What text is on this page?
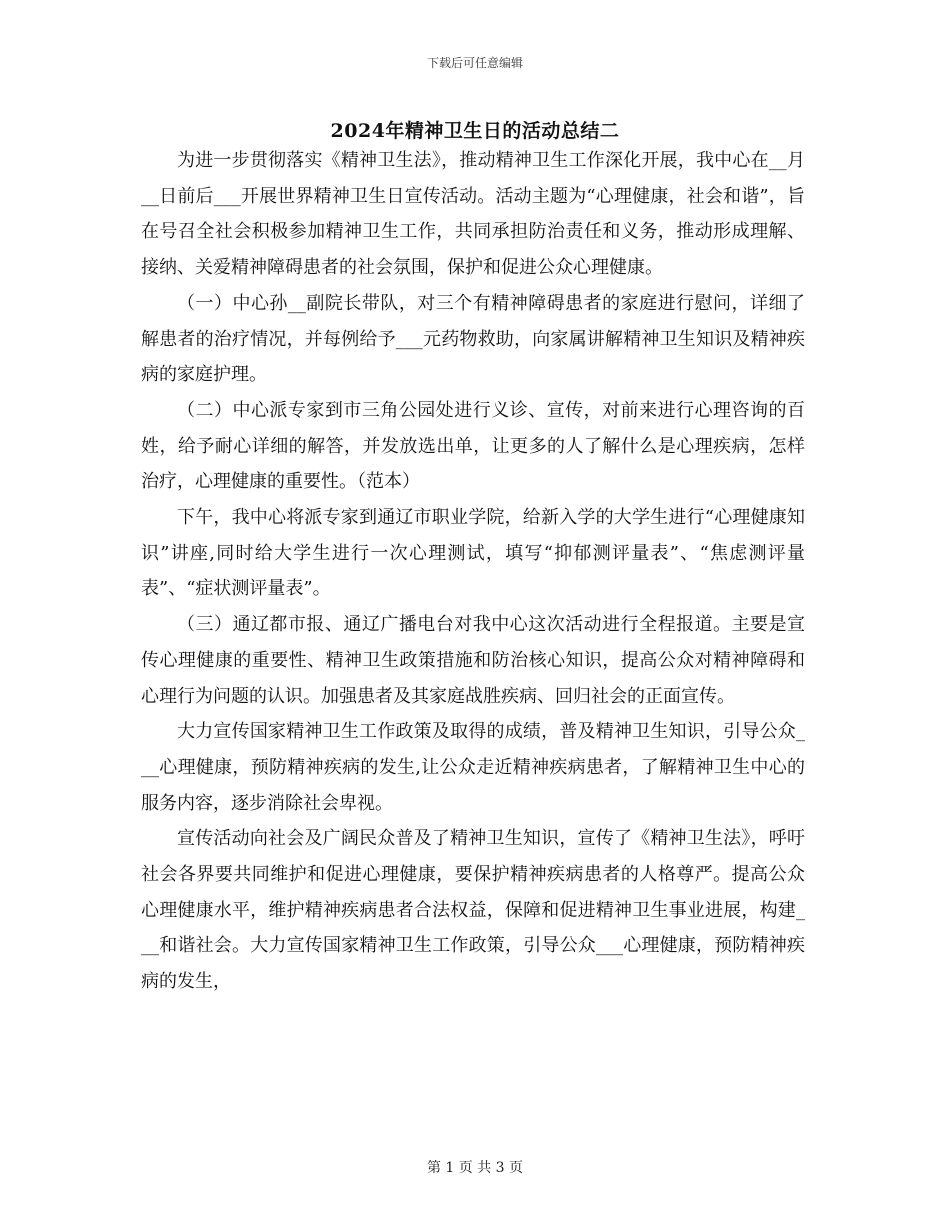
下载后可任意编辑
2024年精神卫生日的活动总结二

为进一步贯彻落实《精神卫生法》，推动精神卫生工作深化开展，我中心在__月__日前后___开展世界精神卫生日宣传活动。活动主题为“心理健康，社会和谐”，旨在号召全社会积极参加精神卫生工作，共同承担防治责任和义务，推动形成理解、接纳、关爱精神障碍患者的社会氛围，保护和促进公众心理健康。

（一）中心孙__副院长带队，对三个有精神障碍患者的家庭进行慰问，详细了解患者的治疗情况，并每例给予___元药物救助，向家属讲解精神卫生知识及精神疾病的家庭护理。

（二）中心派专家到市三角公园处进行义诊、宣传，对前来进行心理咨询的百姓，给予耐心详细的解答，并发放选出单，让更多的人了解什么是心理疾病，怎样治疗，心理健康的重要性。（范本）

下午，我中心将派专家到通辽市职业学院，给新入学的大学生进行“心理健康知识”讲座,同时给大学生进行一次心理测试，填写“抑郁测评量表”、“焦虑测评量表”、“症状测评量表”。

（三）通辽都市报、通辽广播电台对我中心这次活动进行全程报道。主要是宣传心理健康的重要性、精神卫生政策措施和防治核心知识，提高公众对精神障碍和心理行为问题的认识。加强患者及其家庭战胜疾病、回归社会的正面宣传。

大力宣传国家精神卫生工作政策及取得的成绩，普及精神卫生知识，引导公众___心理健康，预防精神疾病的发生,让公众走近精神疾病患者，了解精神卫生中心的服务内容，逐步消除社会卑视。

宣传活动向社会及广阔民众普及了精神卫生知识，宣传了《精神卫生法》，呼吁社会各界要共同维护和促进心理健康，要保护精神疾病患者的人格尊严。提高公众心理健康水平，维护精神疾病患者合法权益，保障和促进精神卫生事业进展，构建___和谐社会。大力宣传国家精神卫生工作政策，引导公众___心理健康，预防精神疾病的发生，

第 1 页 共 3 页
